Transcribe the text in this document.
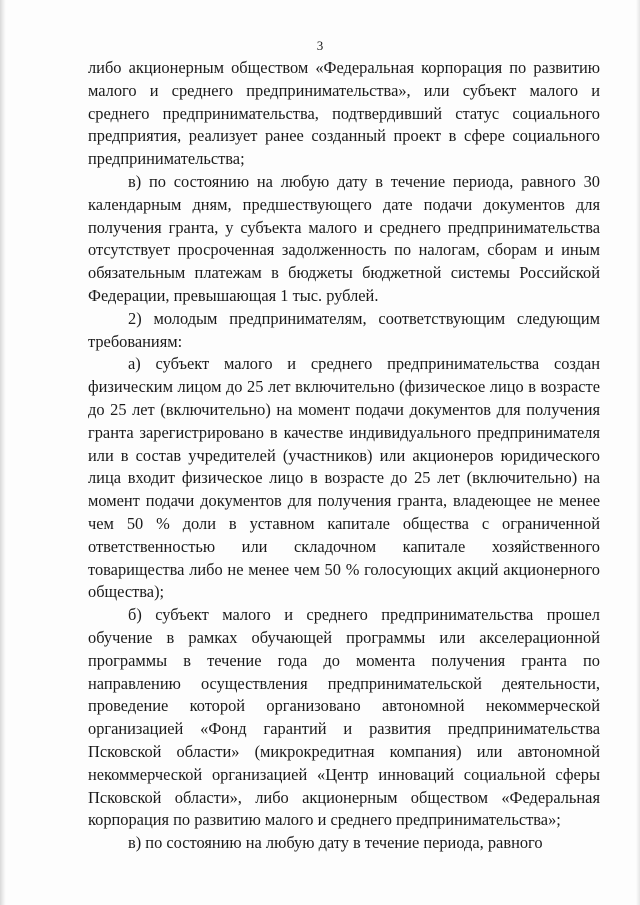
3

либо акционерным обществом «Федеральная корпорация по развитию малого и среднего предпринимательства», или субъект малого и среднего предпринимательства, подтвердивший статус социального предприятия, реализует ранее созданный проект в сфере социального предпринимательства;

в) по состоянию на любую дату в течение периода, равного 30 календарным дням, предшествующего дате подачи документов для получения гранта, у субъекта малого и среднего предпринимательства отсутствует просроченная задолженность по налогам, сборам и иным обязательным платежам в бюджеты бюджетной системы Российской Федерации, превышающая 1 тыс. рублей.

2) молодым предпринимателям, соответствующим следующим требованиям:

а) субъект малого и среднего предпринимательства создан физическим лицом до 25 лет включительно (физическое лицо в возрасте до 25 лет (включительно) на момент подачи документов для получения гранта зарегистрировано в качестве индивидуального предпринимателя или в состав учредителей (участников) или акционеров юридического лица входит физическое лицо в возрасте до 25 лет (включительно) на момент подачи документов для получения гранта, владеющее не менее чем 50 % доли в уставном капитале общества с ограниченной ответственностью или складочном капитале хозяйственного товарищества либо не менее чем 50 % голосующих акций акционерного общества);

б) субъект малого и среднего предпринимательства прошел обучение в рамках обучающей программы или акселерационной программы в течение года до момента получения гранта по направлению осуществления предпринимательской деятельности, проведение которой организовано автономной некоммерческой организацией «Фонд гарантий и развития предпринимательства Псковской области» (микрокредитная компания) или автономной некоммерческой организацией «Центр инноваций социальной сферы Псковской области», либо акционерным обществом «Федеральная корпорация по развитию малого и среднего предпринимательства»;

в) по состоянию на любую дату в течение периода, равного
